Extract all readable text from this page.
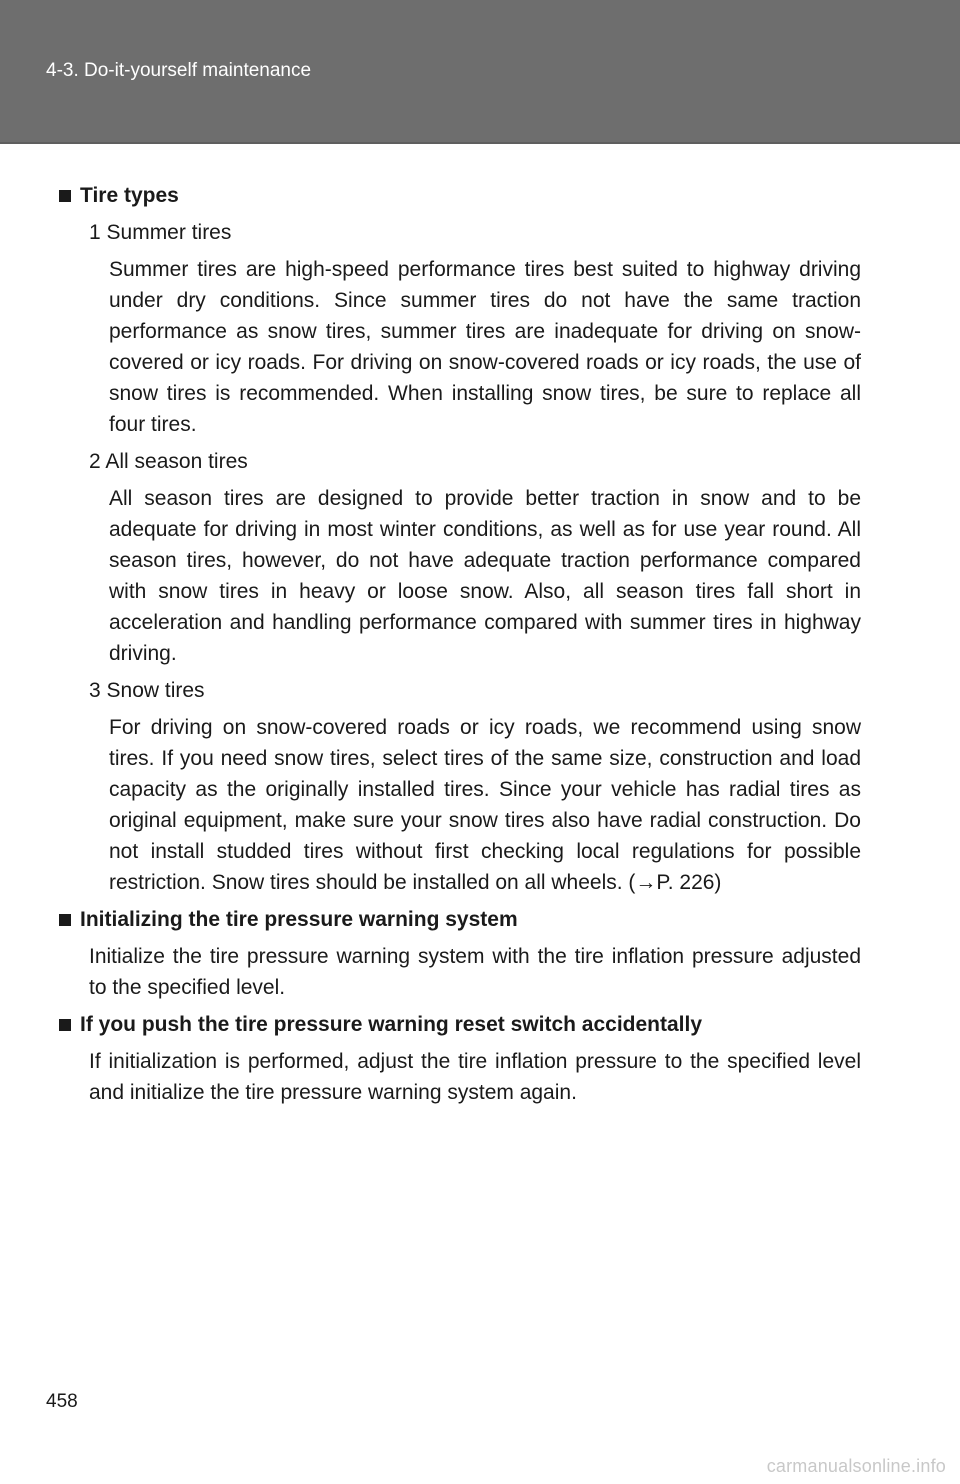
4-3. Do-it-yourself maintenance
Tire types
1 Summer tires
Summer tires are high-speed performance tires best suited to highway driving under dry conditions. Since summer tires do not have the same traction performance as snow tires, summer tires are inadequate for driving on snow-covered or icy roads. For driving on snow-covered roads or icy roads, the use of snow tires is recommended. When installing snow tires, be sure to replace all four tires.
2 All season tires
All season tires are designed to provide better traction in snow and to be adequate for driving in most winter conditions, as well as for use year round. All season tires, however, do not have adequate traction performance compared with snow tires in heavy or loose snow. Also, all season tires fall short in acceleration and handling performance compared with summer tires in highway driving.
3 Snow tires
For driving on snow-covered roads or icy roads, we recommend using snow tires. If you need snow tires, select tires of the same size, construction and load capacity as the originally installed tires. Since your vehicle has radial tires as original equipment, make sure your snow tires also have radial construction. Do not install studded tires without first checking local regulations for possible restriction. Snow tires should be installed on all wheels. (→P. 226)
Initializing the tire pressure warning system
Initialize the tire pressure warning system with the tire inflation pressure adjusted to the specified level.
If you push the tire pressure warning reset switch accidentally
If initialization is performed, adjust the tire inflation pressure to the specified level and initialize the tire pressure warning system again.
458
carmanualsonline.info
